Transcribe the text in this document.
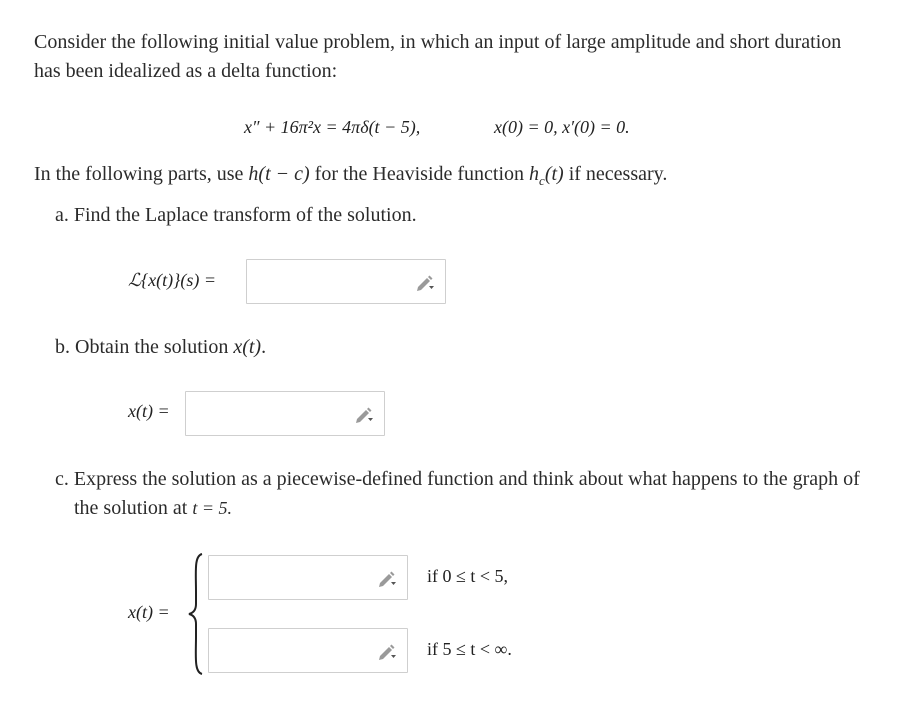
Consider the following initial value problem, in which an input of large amplitude and short duration
has been idealized as a delta function:
x″ + 16π²x = 4πδ(t − 5),	x(0) = 0, x′(0) = 0.
In the following parts, use h(t − c) for the Heaviside function $h_c(t)$ if necessary.
a. Find the Laplace transform of the solution.
ℒ{x(t)}(s) =
b. Obtain the solution x(t).
x(t) =
c. Express the solution as a piecewise-defined function and think about what happens to the graph of
the solution at t = 5.
x(t) =
if 0 ≤ t < 5,
if 5 ≤ t < ∞.
